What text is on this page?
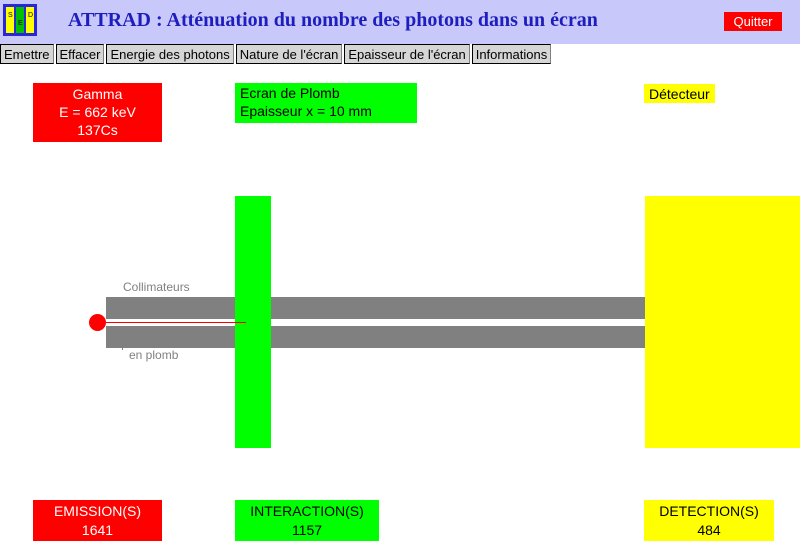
S
E
D ATTRAD : Atténuation du nombre des photons dans un écran	Quitter
Emettre Effacer Energie des photons Nature de l'écran Epaisseur de l'écran Informations
Gamma
E = 662 keV
137Cs
Ecran de Plomb
Epaisseur x = 10 mm
Détecteur
Collimateurs
en plomb
EMISSION(S)
1641
INTERACTION(S)
1157
DETECTION(S)
484
